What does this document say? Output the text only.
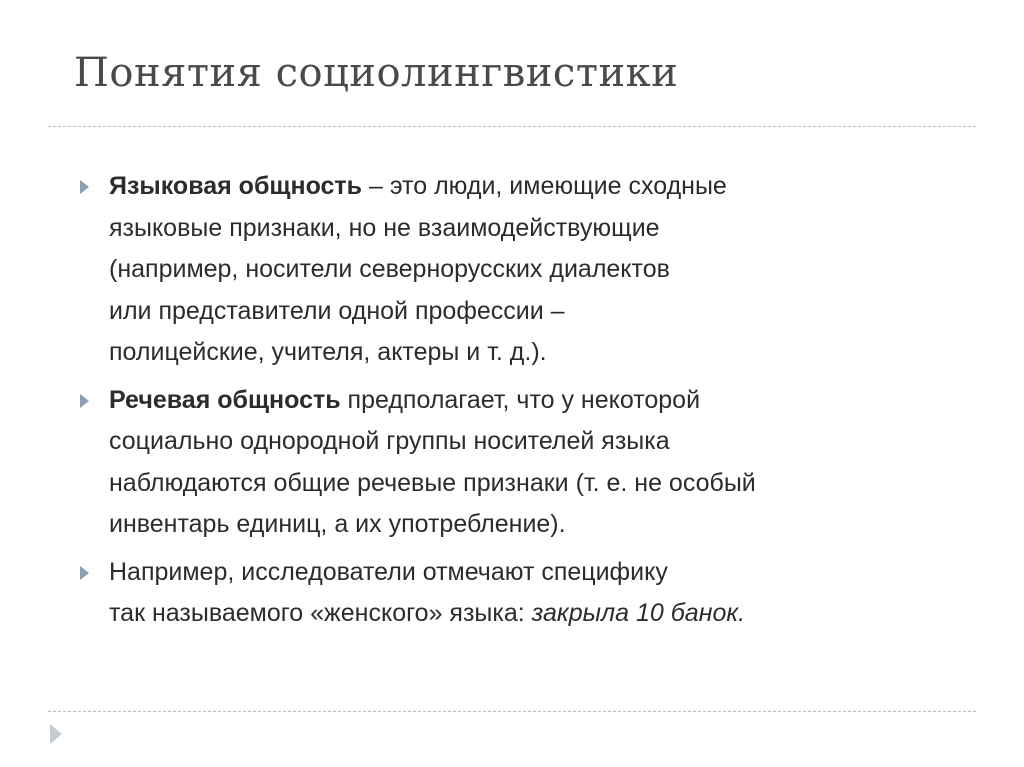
Понятия социолингвистики
Языковая общность – это люди, имеющие сходные
языковые признаки, но не взаимодействующие
(например, носители севернорусских диалектов
или представители одной профессии –
полицейские, учителя, актеры и т. д.).
Речевая общность предполагает, что у некоторой
социально однородной группы носителей языка
наблюдаются общие речевые признаки (т. е. не особый
инвентарь единиц, а их употребление).
Например, исследователи отмечают специфику
так называемого «женского» языка: закрыла 10 банок.
